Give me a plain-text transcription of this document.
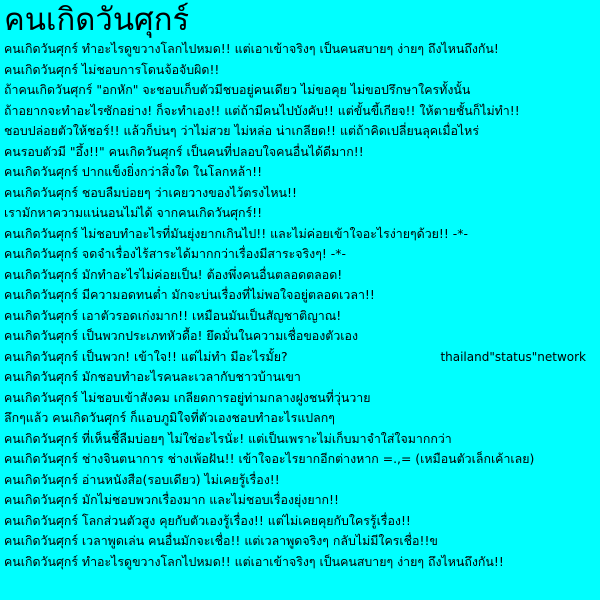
คนเกิดวันศุกร์
คนเกิดวันศุกร์ ทำอะไรดูขวางโลกไปหมด!! แต่เอาเข้าจริงๆ เป็นคนสบายๆ ง่ายๆ ถึงไหนถึงกัน!
คนเกิดวันศุกร์ ไม่ชอบการโดนจ้อจับผิด!!
ถ้าคนเกิดวันศุกร์ "อกหัก" จะชอบเก็บตัวมีชบอยู่คนเดียว ไม่ขอคุย ไม่ขอปรึกษาใครทั้งนั้น
ถ้าอยากจะทำอะไรซักอย่าง! ก็จะทำเอง!! แต่ถ้ามีคนไปบังคับ!! แต่ขั้นขี้เกียจ!! ให้ตายชั้นก็ไม่ทำ!!
ชอบปล่อยตัวให้ชอร์!! แล้วก็บ่นๆ ว่าไม่สวย ไม่หล่อ น่าเกลียด!! แต่ถ้าคิดเปลี่ยนลุคเมื่อไหร่
คนรอบตัวมี "อึ้ง!!" คนเกิดวันศุกร์ เป็นคนที่ปลอบใจคนอื่นได้ดีมาก!!
คนเกิดวันศุกร์ ปากแข็งยิ่งกว่าสิ่งใด ในโลกหล้า!!
คนเกิดวันศุกร์ ชอบลืมบ่อยๆ ว่าเคยวางของไว้ตรงไหน!!
เรามักหาความแน่นอนไม่ได้ จากคนเกิดวันศุกร์!!
คนเกิดวันศุกร์ ไม่ชอบทำอะไรที่มันยุ่งยากเกินไป!! และไม่ค่อยเข้าใจอะไรง่ายๆด้วย!! -*-
คนเกิดวันศุกร์ จดจำเรื่องไร้สาระได้มากกว่าเรื่องมีสาระจริงๆ! -*-
คนเกิดวันศุกร์ มักทำอะไรไม่ค่อยเป็น! ต้องพึ่งคนอื่นตลอดตลอด!
คนเกิดวันศุกร์ มีความอดทนต่ำ มักจะบ่นเรื่องที่ไม่พอใจอยู่ตลอดเวลา!!
คนเกิดวันศุกร์ เอาตัวรอดเก่งมาก!! เหมือนมันเป็นสัญชาติญาณ!
คนเกิดวันศุกร์ เป็นพวกประเภทหัวดื้อ! ยึดมั่นในความเชื่อของตัวเอง
คนเกิดวันศุกร์ เป็นพวก! เข้าใจ!! แต่ไม่ทำ มีอะไรมั้ย?	thailand"status"network
คนเกิดวันศุกร์ มักชอบทำอะไรคนละเวลากับชาวบ้านเขา
คนเกิดวันศุกร์ ไม่ชอบเข้าสังคม เกลียดการอยู่ท่ามกลางฝูงชนที่วุ่นวาย
ลึกๆแล้ว คนเกิดวันศุกร์ ก็แอบภูมิใจที่ตัวเองชอบทำอะไรแปลกๆ
คนเกิดวันศุกร์ ที่เห็นชี้ลืมบ่อยๆ ไม่ใช่อะไรนั่ะ! แต่เป็นเพราะไม่เก็บมาจำใส่ใจมากกว่า
คนเกิดวันศุกร์ ช่างจินตนาการ ช่างเพ้อฝัน!! เข้าใจอะไรยากอีกต่างหาก =.,= (เหมือนตัวเล็กเค้าเลย)
คนเกิดวันศุกร์ อ่านหนังสือ(รอบเดียว) ไม่เคยรู้เรื่อง!!
คนเกิดวันศุกร์ มักไม่ชอบพวกเรื่องมาก และไม่ชอบเรื่องยุ่งยาก!!
คนเกิดวันศุกร์ โลกส่วนตัวสูง คุยกับตัวเองรู้เรื่อง!! แต่ไม่เคยคุยกับใครรู้เรื่อง!!
คนเกิดวันศุกร์ เวลาพูดเล่น คนอื่นมักจะเชื่อ!! แต่เวลาพูดจริงๆ กลับไม่มีใครเชื่อ!!ข
คนเกิดวันศุกร์ ทำอะไรดูขวางโลกไปหมด!! แต่เอาเข้าจริงๆ เป็นคนสบายๆ ง่ายๆ ถึงไหนถึงกัน!!
